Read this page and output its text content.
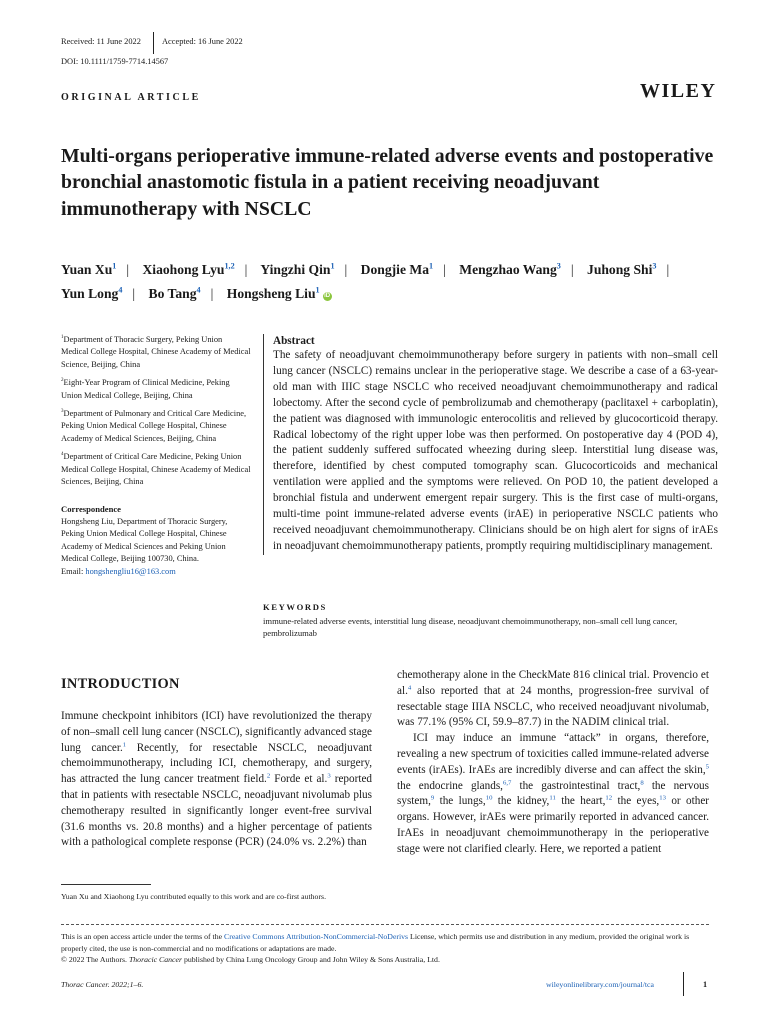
Received: 11 June 2022	Accepted: 16 June 2022
DOI: 10.1111/1759-7714.14567
ORIGINAL ARTICLE	WILEY
Multi-organs perioperative immune-related adverse events and postoperative bronchial anastomotic fistula in a patient receiving neoadjuvant immunotherapy with NSCLC
Yuan Xu$^1$ | Xiaohong Lyu$^{1,2}$ | Yingzhi Qin$^1$ | Dongjie Ma$^1$ | Mengzhao Wang$^3$ | Juhong Shi$^3$ | Yun Long$^4$ | Bo Tang$^4$ | Hongsheng Liu$^1$iD

$^1$Department of Thoracic Surgery, Peking Union Medical College Hospital, Chinese Academy of Medical Science, Beijing, China

$^2$Eight-Year Program of Clinical Medicine, Peking Union Medical College, Beijing, China

$^3$Department of Pulmonary and Critical Care Medicine, Peking Union Medical College Hospital, Chinese Academy of Medical Sciences, Beijing, China

$^4$Department of Critical Care Medicine, Peking Union Medical College Hospital, Chinese Academy of Medical Sciences, Beijing, China

Correspondence
Hongsheng Liu, Department of Thoracic Surgery, Peking Union Medical College Hospital, Chinese Academy of Medical Sciences and Peking Union Medical College, Beijing 100730, China.
Email: hongshengliu16@163.com
Abstract
The safety of neoadjuvant chemoimmunotherapy before surgery in patients with non–small cell lung cancer (NSCLC) remains unclear in the perioperative stage. We describe a case of a 63-year-old man with IIIC stage NSCLC who received neoadjuvant chemoimmunotherapy and radical lobectomy. After the second cycle of pembrolizumab and chemotherapy (paclitaxel + carboplatin), the patient was diagnosed with immunologic enterocolitis and relieved by glucocorticoid therapy. Radical lobectomy of the right upper lobe was then performed. On postoperative day 4 (POD 4), the patient suddenly suffered suffocated wheezing during sleep. Interstitial lung disease was, therefore, identified by chest computed tomography scan. Glucocorticoids and mechanical ventilation were applied and the symptoms were relieved. On POD 10, the patient developed a bronchial fistula and underwent emergent repair surgery. This is the first case of multi-organs, multi-time point immune-related adverse events (irAE) in perioperative NSCLC patients who received neoadjuvant chemoimmunotherapy. Clinicians should be on high alert for signs of irAEs in neoadjuvant chemoimmunotherapy patients, promptly requiring multidisciplinary management.
KEYWORDS
immune-related adverse events, interstitial lung disease, neoadjuvant chemoimmunotherapy, non–small cell lung cancer, pembrolizumab
INTRODUCTION

Immune checkpoint inhibitors (ICI) have revolutionized the therapy of non–small cell lung cancer (NSCLC), significantly advanced stage lung cancer.$^1$ Recently, for resectable NSCLC, neoadjuvant chemoimmunotherapy, including ICI, chemotherapy, and surgery, has attracted the lung cancer treatment field.$^2$ Forde et al.$^3$ reported that in patients with resectable NSCLC, neoadjuvant nivolumab plus chemotherapy resulted in significantly longer event-free survival (31.6 months vs. 20.8 months) and a higher percentage of patients with a pathological complete response (PCR) (24.0% vs. 2.2%) than

chemotherapy alone in the CheckMate 816 clinical trial. Provencio et al.$^4$ also reported that at 24 months, progression-free survival of resectable stage IIIA NSCLC, who received neoadjuvant nivolumab, was 77.1% (95% CI, 59.9–87.7) in the NADIM clinical trial.

ICI may induce an immune “attack” in organs, therefore, revealing a new spectrum of toxicities called immune-related adverse events (irAEs). IrAEs are incredibly diverse and can affect the skin,$^5$ the endocrine glands,$^{6,7}$ the gastrointestinal tract,$^8$ the nervous system,$^9$ the lungs,$^{10}$ the kidney,$^{11}$ the heart,$^{12}$ the eyes,$^{13}$ or other organs. However, irAEs were primarily reported in advanced cancer. IrAEs in neoadjuvant chemoimmunotherapy in the perioperative stage were not clarified clearly. Here, we reported a patient

Yuan Xu and Xiaohong Lyu contributed equally to this work and are co-first authors.
This is an open access article under the terms of the Creative Commons Attribution-NonCommercial-NoDerivs License, which permits use and distribution in any medium, provided the original work is properly cited, the use is non-commercial and no modifications or adaptations are made.
© 2022 The Authors. Thoracic Cancer published by China Lung Oncology Group and John Wiley & Sons Australia, Ltd.
Thorac Cancer. 2022;1–6.	wileyonlinelibrary.com/journal/tca	1
